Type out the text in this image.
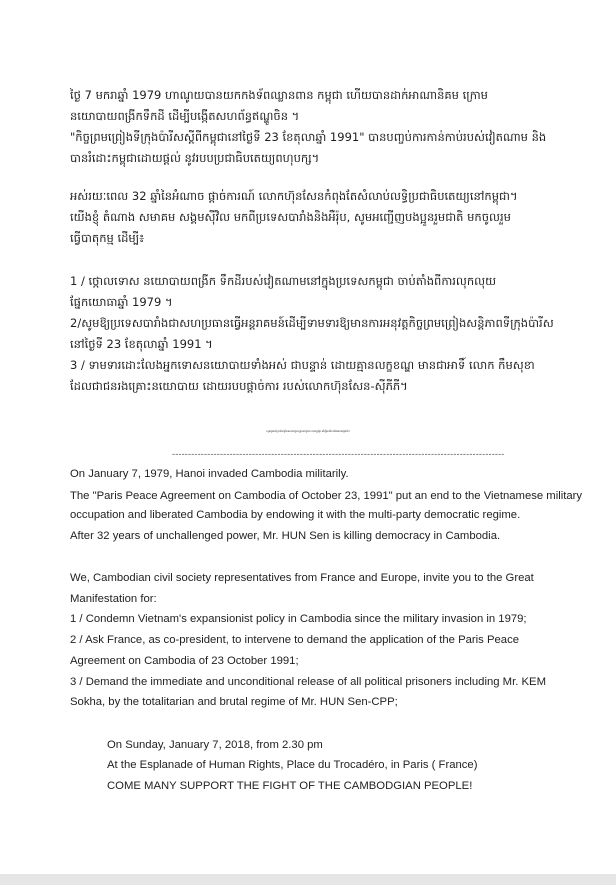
ថ្ងៃ 7 មករាឆ្នាំ 1979 ហាណូយបានយកកងទ័ពឈ្លានពាន កម្ពុជា ហើយបានដាក់អាណានិគម ក្រោម
នយោបាយពង្រីកទឹកដី ដើម្បីបង្កើតសហព័ន្ធឥណ្ឌូចិន ។
"កិច្ចព្រមព្រៀងទីក្រុងប៉ារីសស្តីពីកម្ពុជានៅថ្ងៃទី 23 ខែតុលាឆ្នាំ 1991" បានបញ្ចប់ការកាន់កាប់របស់វៀតណាម និង
បានរំដោះកម្ពុជាដោយផ្តល់ នូវរបបប្រជាធិបតេយ្យពហុបក្ស។
អស់រយៈពេល 32 ឆ្នាំនៃអំណាច ផ្តាច់ការណ៍ លោកហ៊ុនសែនកំពុងតែសំលាប់លទ្ធិប្រជាធិបតេយ្យនៅកម្ពុជា។
យើងខ្ញុំ តំណាង សមាគម សង្គមស៊ីវិល មកពីប្រទេសបារាំងនិងអឺរ៉ុប, សូមអញ្ជើញបងប្អូនរួមជាតិ មកចូលរួម
ធ្វើបាតុកម្ម ដើម្បី៖
1 / ថ្កោលទោស នយោបាយពង្រីក ទឹកដីរបស់វៀតណាមនៅក្នុងប្រទេសកម្ពុជា ចាប់តាំងពីការលុកលុយ
ផ្នែកយោធាឆ្នាំ 1979 ។
2/សូមឱ្យប្រទេសបារាំងជាសហប្រធានធ្វើអន្តរាគមន៍ដើម្បីទាមទារឱ្យមានការអនុវត្តកិច្ចព្រមព្រៀងសន្តិភាពទីក្រុងប៉ារីស
នៅថ្ងៃទី 23 ខែតុលាឆ្នាំ 1991 ។
3 / ទាមទារដោះលែងអ្នកទោសនយោបាយទាំងអស់ ជាបន្ទាន់ ដោយគ្មានលក្ខខណ្ឌ មានជាអាទិ៍ លោក កឹមសុខា
ដែលជាជនរងគ្រោះនយោបាយ ដោយរបបផ្តាច់ការ របស់លោកហ៊ុនសែន-ស៊ីភីភី។
សូមជួយគាំទ្រយ៉ាងខ្លាំងដល់ការប្រយុទ្ធរបស់ប្រជា ពលរដ្ឋខ្មែរ ដើម្បីសេរីភាពនិងឯករាជ្យជាតិ!
--------------------------------------------------------------------------------------------------------
On January 7, 1979, Hanoi invaded Cambodia militarily.
The "Paris Peace Agreement on Cambodia of October 23, 1991" put an end to the Vietnamese military
occupation and liberated Cambodia by endowing it with the multi-party democratic regime.
After 32 years of unchallenged power, Mr. HUN Sen is killing democracy in Cambodia.
We, Cambodian civil society representatives from France and Europe, invite you to the Great
Manifestation for:
1 / Condemn Vietnam's expansionist policy in Cambodia since the military invasion in 1979;
2 / Ask France, as co-president, to intervene to demand the application of the Paris Peace
Agreement on Cambodia of 23 October 1991;
3 / Demand the immediate and unconditional release of all political prisoners including Mr. KEM
Sokha, by the totalitarian and brutal regime of Mr. HUN Sen-CPP;
On Sunday, January 7, 2018, from 2.30 pm
At the Esplanade of Human Rights, Place du Trocadéro, in Paris ( France)
COME MANY SUPPORT THE FIGHT OF THE CAMBODGIAN PEOPLE!
